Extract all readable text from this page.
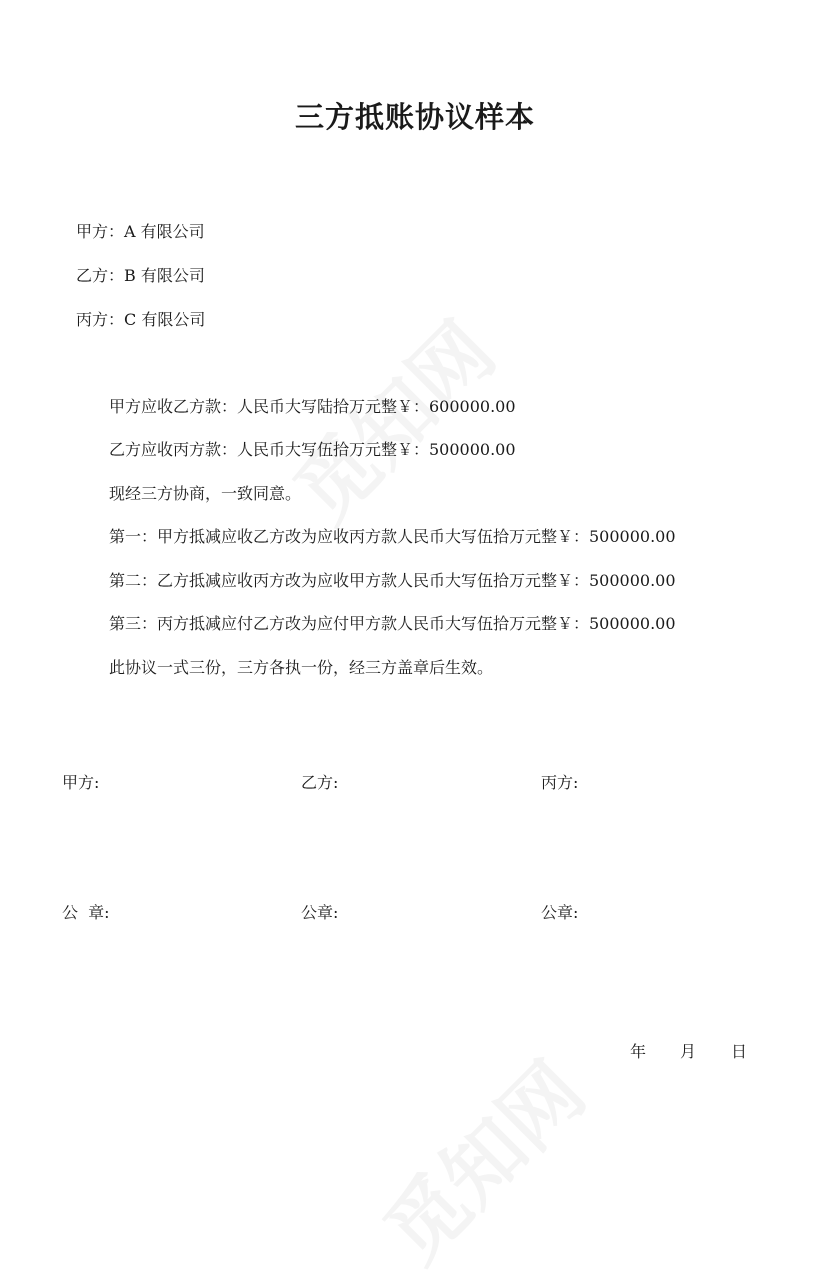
三方抵账协议样本
甲方：A 有限公司
乙方：B 有限公司
丙方：C 有限公司
甲方应收乙方款：人民币大写陆拾万元整￥：600000.00
乙方应收丙方款：人民币大写伍拾万元整￥：500000.00
现经三方协商，一致同意。
第一：甲方抵减应收乙方改为应收丙方款人民币大写伍拾万元整￥：500000.00
第二：乙方抵减应收丙方改为应收甲方款人民币大写伍拾万元整￥：500000.00
第三：丙方抵减应付乙方改为应付甲方款人民币大写伍拾万元整￥：500000.00
此协议一式三份，三方各执一份，经三方盖章后生效。
甲方:	乙方:	丙方:
公  章:	公章:	公章:
年 月 日
